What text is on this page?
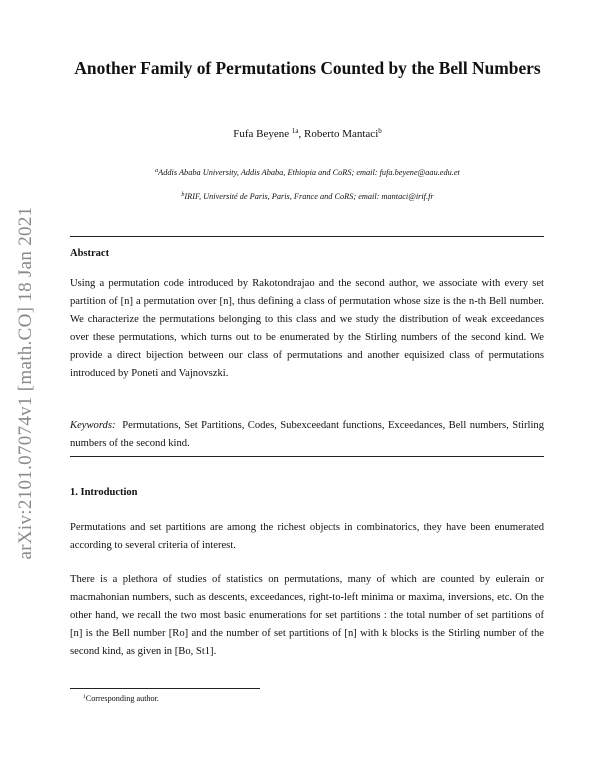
arXiv:2101.07074v1 [math.CO] 18 Jan 2021
Another Family of Permutations Counted by the Bell Numbers
Fufa Beyene $^{1a}$, Roberto Mantaci$^b$
$^a$Addis Ababa University, Addis Ababa, Ethiopia and CoRS; email: fufa.beyene@aau.edu.et
$^b$IRIF, Université de Paris, Paris, France and CoRS; email: mantaci@irif.fr
Abstract
Using a permutation code introduced by Rakotondrajao and the second author, we associate with every set partition of [n] a permutation over [n], thus defining a class of permutation whose size is the n-th Bell number. We characterize the permutations belonging to this class and we study the distribution of weak exceedances over these permutations, which turns out to be enumerated by the Stirling numbers of the second kind. We provide a direct bijection between our class of permutations and another equisized class of permutations introduced by Poneti and Vajnovszki.
Keywords: Permutations, Set Partitions, Codes, Subexceedant functions, Exceedances, Bell numbers, Stirling numbers of the second kind.
1. Introduction
Permutations and set partitions are among the richest objects in combinatorics, they have been enumerated according to several criteria of interest.
There is a plethora of studies of statistics on permutations, many of which are counted by eulerain or macmahonian numbers, such as descents, exceedances, right-to-left minima or maxima, inversions, etc. On the other hand, we recall the two most basic enumerations for set partitions : the total number of set partitions of [n] is the Bell number [Ro] and the number of set partitions of [n] with k blocks is the Stirling number of the second kind, as given in [Bo, St1].
$^1$Corresponding author.
